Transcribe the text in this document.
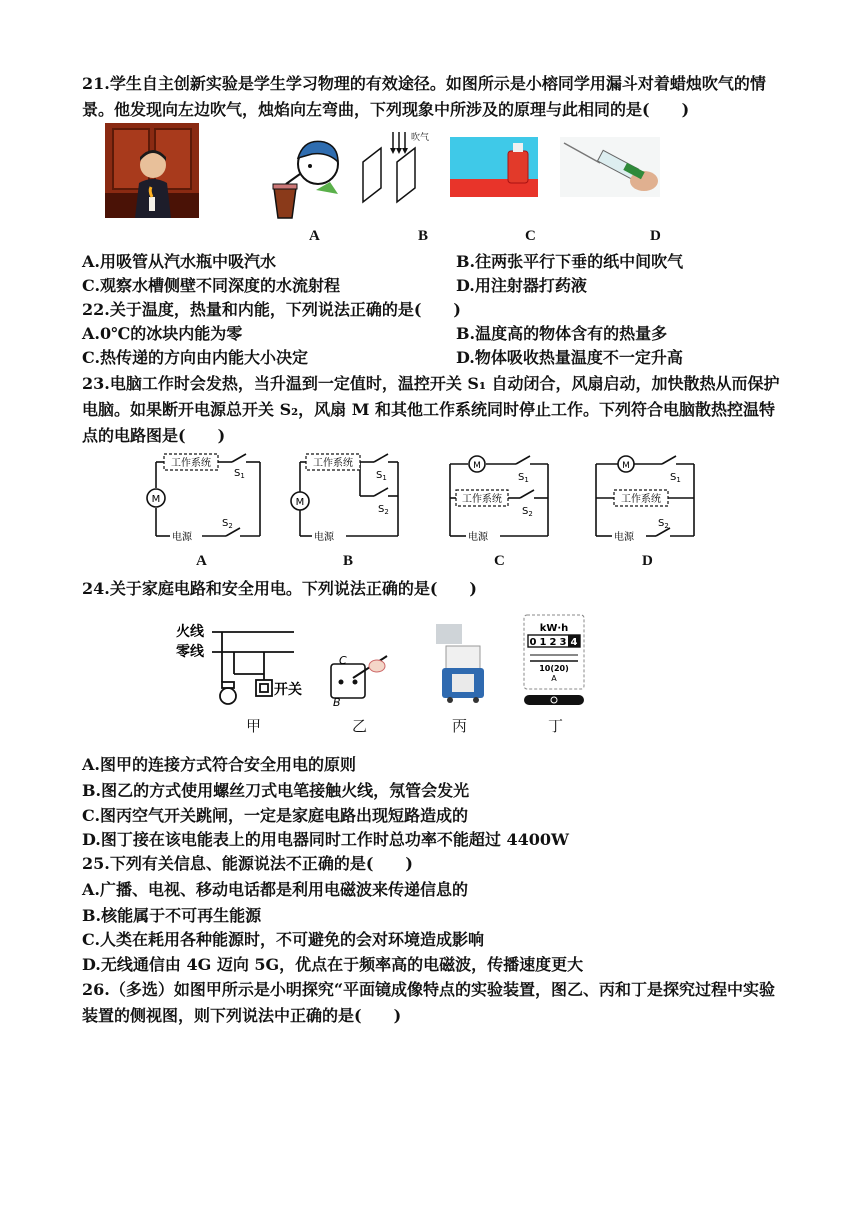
21.学生自主创新实验是学生学习物理的有效途径。如图所示是小榕同学用漏斗对着蜡烛吹气的情
景。他发现向左边吹气，烛焰向左弯曲，下列现象中所涉及的原理与此相同的是(　　)
吹气
A	B	C	D
A.用吸管从汽水瓶中吸汽水	B.往两张平行下垂的纸中间吹气
C.观察水槽侧壁不同深度的水流射程	D.用注射器打药液
22.关于温度，热量和内能，下列说法正确的是(　　)
A.0℃的冰块内能为零	B.温度高的物体含有的热量多
C.热传递的方向由内能大小决定	D.物体吸收热量温度不一定升高
23.电脑工作时会发热，当升温到一定值时，温控开关 S₁ 自动闭合，风扇启动，加快散热从而保护
电脑。如果断开电源总开关 S₂，风扇 M 和其他工作系统同时停止工作。下列符合电脑散热控温特
点的电路图是(　　)
工作系统
M
电源
$S_1$
$S_2$
工作系统
M
电源
$S_1$
$S_2$
工作系统
M
电源
$S_1$
$S_2$
工作系统
M
电源
$S_1$
$S_2$
A	B	C	D
24.关于家庭电路和安全用电。下列说法正确的是(　　)
火线
零线
开关
C
B
kW·h
0 1 2 3 4
10(20)
A
甲	乙	丙	丁
A.图甲的连接方式符合安全用电的原则
B.图乙的方式使用螺丝刀式电笔接触火线，氖管会发光
C.图丙空气开关跳闸，一定是家庭电路出现短路造成的
D.图丁接在该电能表上的用电器同时工作时总功率不能超过 4400W
25.下列有关信息、能源说法不正确的是(　　)
A.广播、电视、移动电话都是利用电磁波来传递信息的
B.核能属于不可再生能源
C.人类在耗用各种能源时，不可避免的会对环境造成影响
D.无线通信由 4G 迈向 5G，优点在于频率高的电磁波，传播速度更大
26.（多选）如图甲所示是小明探究“平面镜成像特点的实验装置，图乙、丙和丁是探究过程中实验
装置的侧视图，则下列说法中正确的是(　　)
